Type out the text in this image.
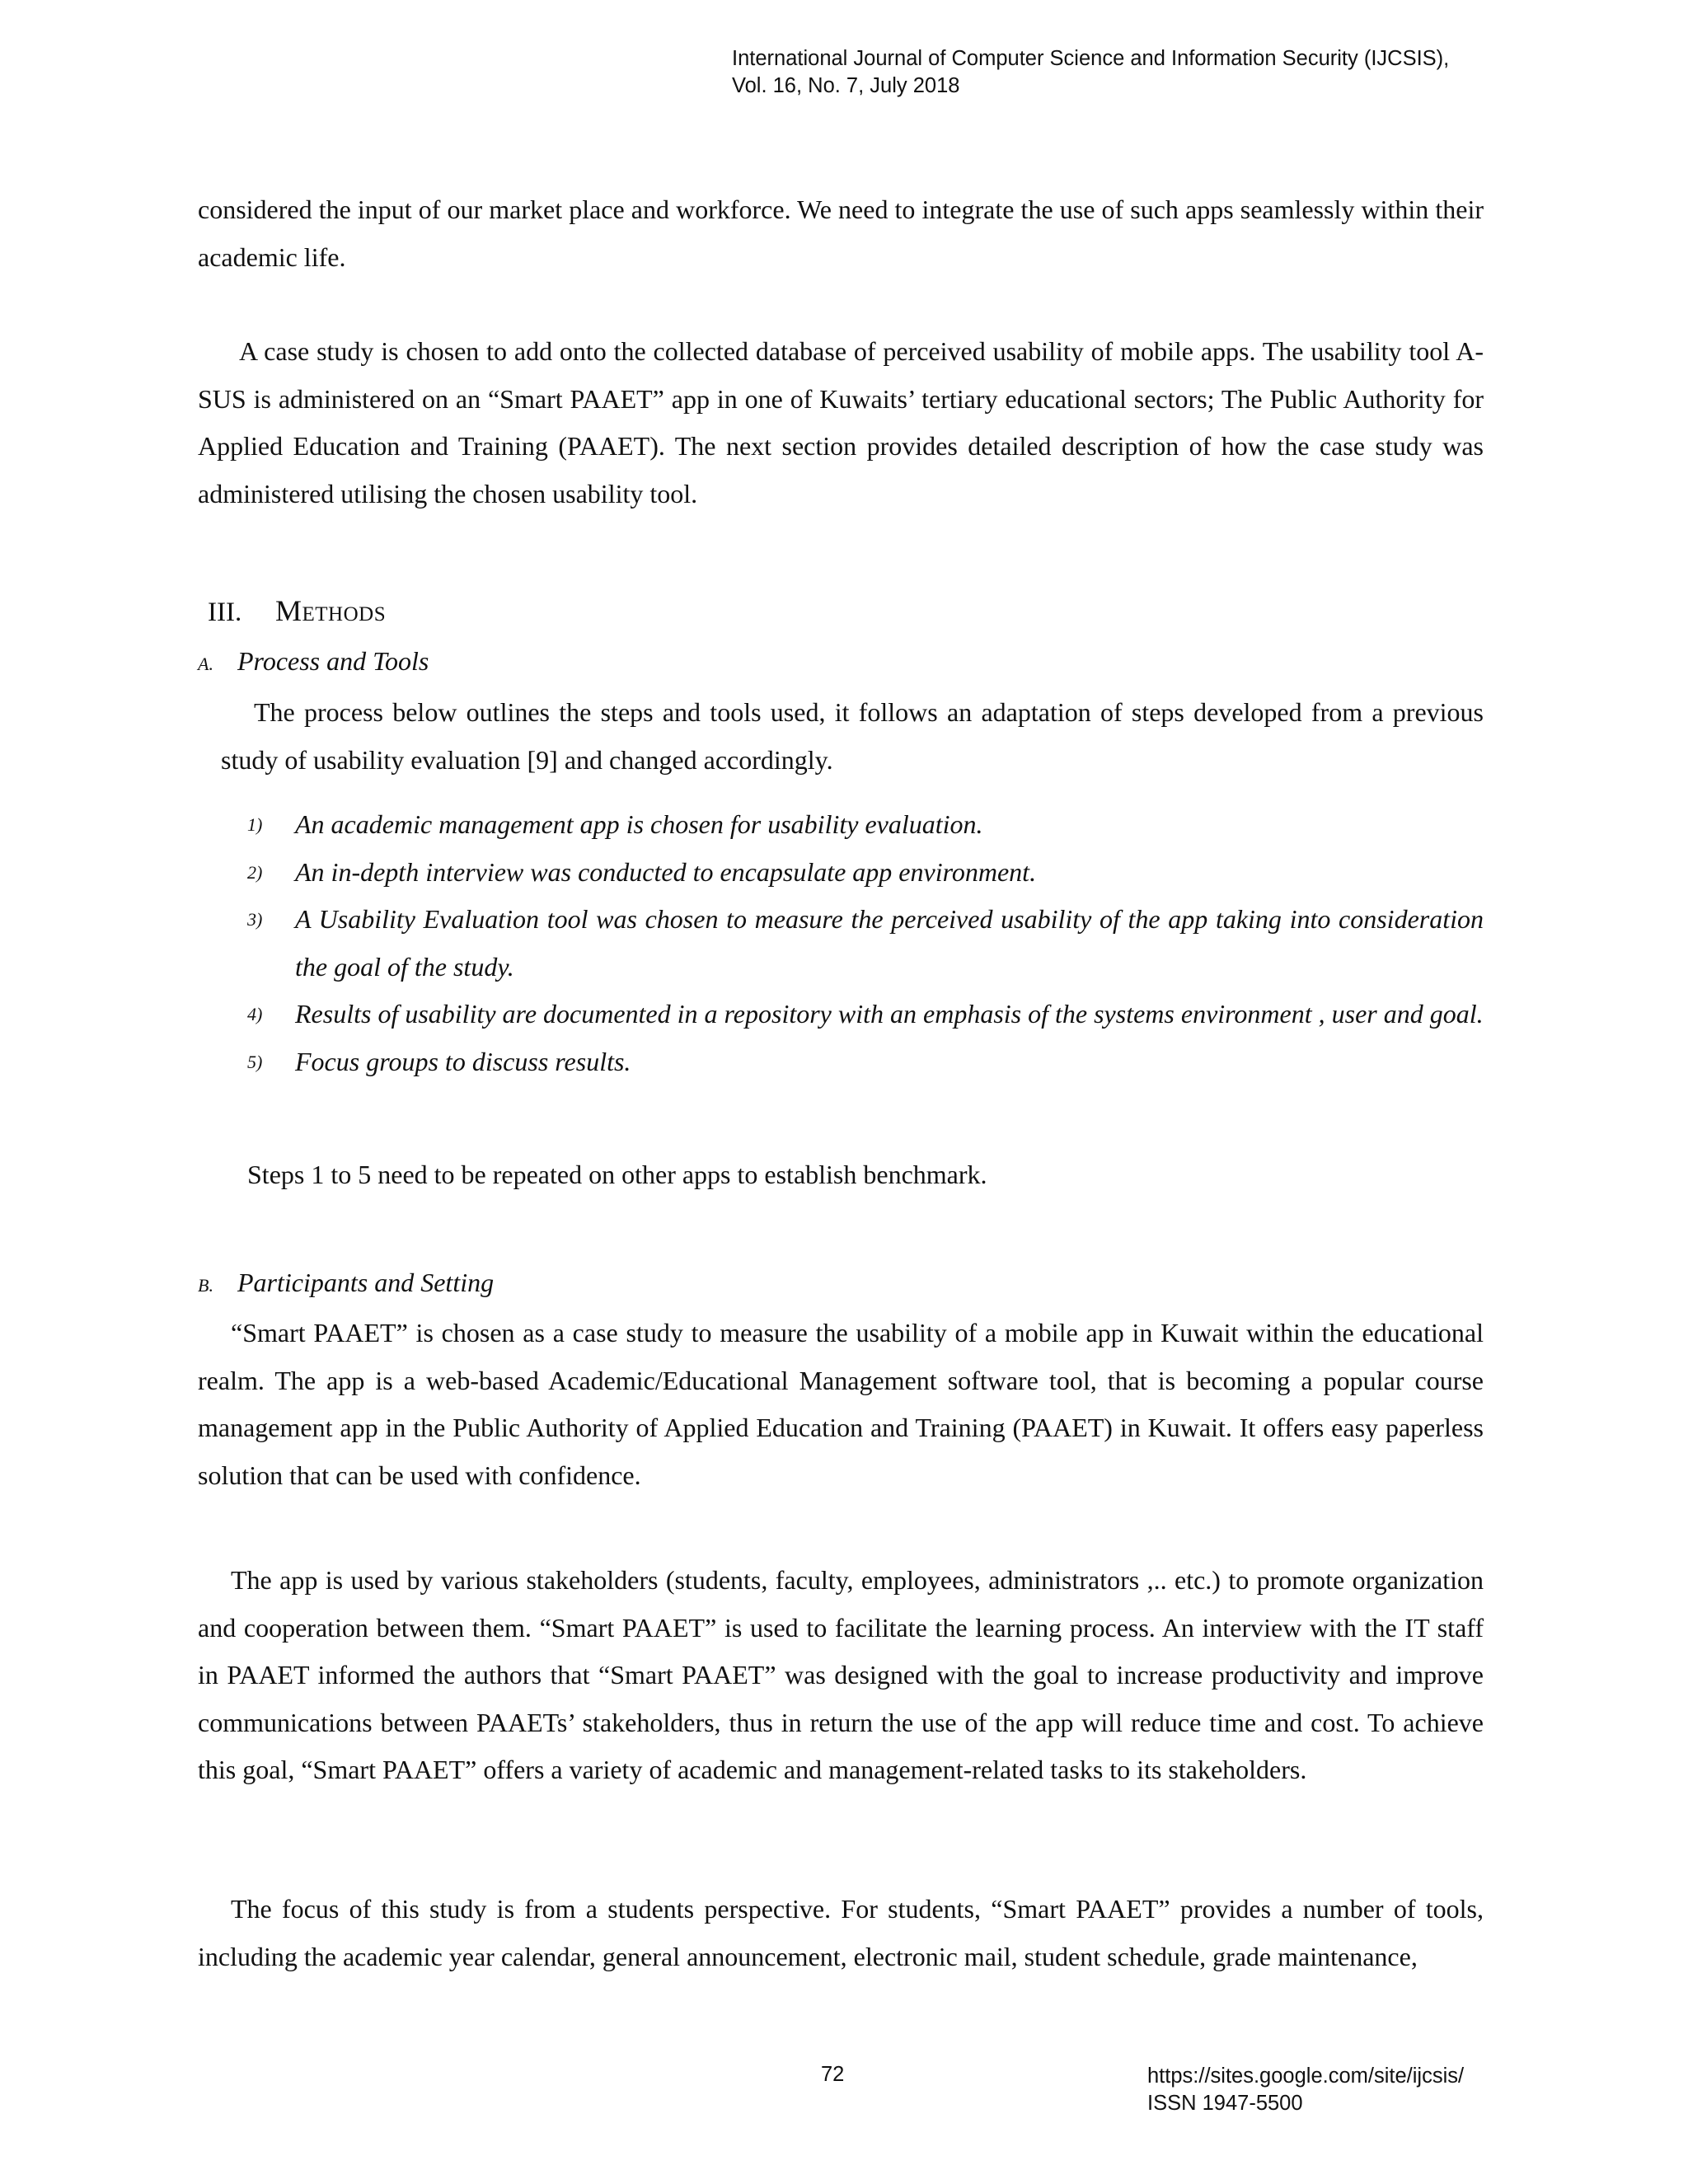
International Journal of Computer Science and Information Security (IJCSIS),
Vol. 16, No. 7, July 2018
considered the input of our market place and workforce. We need to integrate the use of such apps seamlessly within their academic life.
A case study is chosen to add onto the collected database of perceived usability of mobile apps. The usability tool A-SUS is administered on an “Smart PAAET” app in one of Kuwaits’ tertiary educational sectors; The Public Authority for Applied Education and Training (PAAET). The next section provides detailed description of how the case study was administered utilising the chosen usability tool.
III. Methods
A. Process and Tools
The process below outlines the steps and tools used, it follows an adaptation of steps developed from a previous study of usability evaluation [9] and changed accordingly.
1) An academic management app is chosen for usability evaluation.
2) An in-depth interview was conducted to encapsulate app environment.
3) A Usability Evaluation tool was chosen to measure the perceived usability of the app taking into consideration the goal of the study.
4) Results of usability are documented in a repository with an emphasis of the systems environment , user and goal.
5) Focus groups to discuss results.
Steps 1 to 5 need to be repeated on other apps to establish benchmark.
B. Participants and Setting
“Smart PAAET” is chosen as a case study to measure the usability of a mobile app in Kuwait within the educational realm. The app is a web-based Academic/Educational Management software tool, that is becoming a popular course management app in the Public Authority of Applied Education and Training (PAAET) in Kuwait. It offers easy paperless solution that can be used with confidence.
The app is used by various stakeholders (students, faculty, employees, administrators ,.. etc.) to promote organization and cooperation between them. “Smart PAAET” is used to facilitate the learning process. An interview with the IT staff in PAAET informed the authors that “Smart PAAET” was designed with the goal to increase productivity and improve communications between PAAETs’ stakeholders, thus in return the use of the app will reduce time and cost. To achieve this goal, “Smart PAAET” offers a variety of academic and management-related tasks to its stakeholders.
The focus of this study is from a students perspective. For students, “Smart PAAET” provides a number of tools, including the academic year calendar, general announcement, electronic mail, student schedule, grade maintenance,
72	https://sites.google.com/site/ijcsis/
ISSN 1947-5500
